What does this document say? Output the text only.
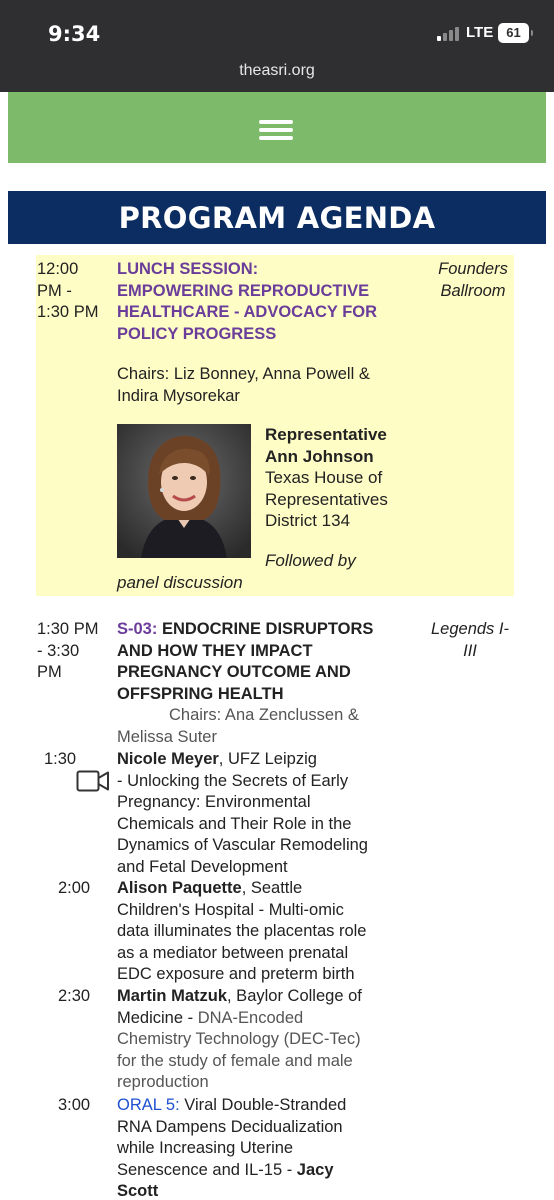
9:34	LTE	61
theasri.org
PROGRAM AGENDA
12:00
PM -
1:30 PM
LUNCH SESSION:
EMPOWERING REPRODUCTIVE
HEALTHCARE - ADVOCACY FOR
POLICY PROGRESS
Founders
Ballroom
Chairs: Liz Bonney, Anna Powell &
Indira Mysorekar
Representative
Ann Johnson
Texas House of
Representatives
District 134
Followed by
panel discussion
1:30 PM
- 3:30
PM
S-03: ENDOCRINE DISRUPTORS
AND HOW THEY IMPACT
PREGNANCY OUTCOME AND
OFFSPRING HEALTH
Legends I-
III
Chairs: Ana Zenclussen &
Melissa Suter
1:30 Nicole Meyer, UFZ Leipzig
- Unlocking the Secrets of Early
Pregnancy: Environmental
Chemicals and Their Role in the
Dynamics of Vascular Remodeling
and Fetal Development
2:00 Alison Paquette, Seattle
Children's Hospital - Multi-omic
data illuminates the placentas role
as a mediator between prenatal
EDC exposure and preterm birth
2:30 Martin Matzuk, Baylor College of
Medicine - DNA-Encoded
Chemistry Technology (DEC-Tec)
for the study of female and male
reproduction
3:00 ORAL 5: Viral Double-Stranded
RNA Dampens Decidualization
while Increasing Uterine
Senescence and IL-15 - Jacy
Scott
